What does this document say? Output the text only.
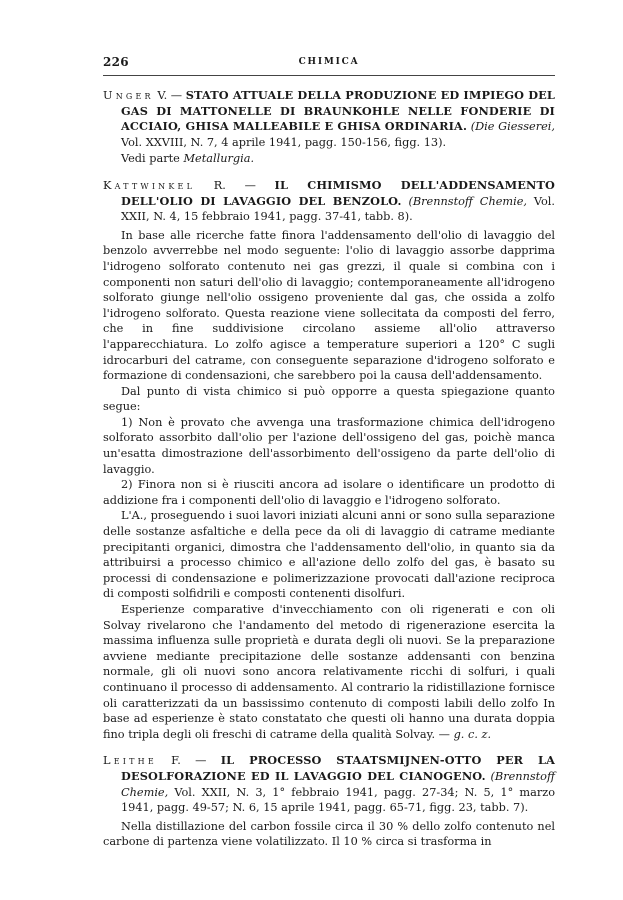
226	CHIMICA

Unger V. — STATO ATTUALE DELLA PRODUZIONE ED IMPIEGO DEL GAS DI MATTONELLE DI BRAUNKOHLE NELLE FONDERIE DI ACCIAIO, GHISA MALLEABILE E GHISA ORDINARIA. (Die Giesserei, Vol. XXVIII, N. 7, 4 aprile 1941, pagg. 150-156, figg. 13).

Vedi parte Metallurgia.

Kattwinkel R. — IL CHIMISMO DELL'ADDENSAMENTO DELL'OLIO DI LAVAGGIO DEL BENZOLO. (Brennstoff Chemie, Vol. XXII, N. 4, 15 febbraio 1941, pagg. 37-41, tabb. 8).

In base alle ricerche fatte finora l'addensamento dell'olio di lavaggio del benzolo avverrebbe nel modo seguente: l'olio di lavaggio assorbe dapprima l'idrogeno solforato contenuto nei gas grezzi, il quale si combina con i componenti non saturi dell'olio di lavaggio; contemporaneamente all'idrogeno solforato giunge nell'olio ossigeno proveniente dal gas, che ossida a zolfo l'idrogeno solforato. Questa reazione viene sollecitata da composti del ferro, che in fine suddivisione circolano assieme all'olio attraverso l'apparecchiatura. Lo zolfo agisce a temperature superiori a 120° C sugli idrocarburi del catrame, con conseguente separazione d'idrogeno solforato e formazione di condensazioni, che sarebbero poi la causa dell'addensamento.

Dal punto di vista chimico si può opporre a questa spiegazione quanto segue:

1) Non è provato che avvenga una trasformazione chimica dell'idrogeno solforato assorbito dall'olio per l'azione dell'ossigeno del gas, poichè manca un'esatta dimostrazione dell'assorbimento dell'ossigeno da parte dell'olio di lavaggio.

2) Finora non si è riusciti ancora ad isolare o identificare un prodotto di addizione fra i componenti dell'olio di lavaggio e l'idrogeno solforato.

L'A., proseguendo i suoi lavori iniziati alcuni anni or sono sulla separazione delle sostanze asfaltiche e della pece da oli di lavaggio di catrame mediante precipitanti organici, dimostra che l'addensamento dell'olio, in quanto sia da attribuirsi a processo chimico e all'azione dello zolfo del gas, è basato su processi di condensazione e polimerizzazione provocati dall'azione reciproca di composti solfidrili e composti contenenti disolfuri.

Esperienze comparative d'invecchiamento con oli rigenerati e con oli Solvay rivelarono che l'andamento del metodo di rigenerazione esercita la massima influenza sulle proprietà e durata degli oli nuovi. Se la preparazione avviene mediante precipitazione delle sostanze addensanti con benzina normale, gli oli nuovi sono ancora relativamente ricchi di solfuri, i quali continuano il processo di addensamento. Al contrario la ridistillazione fornisce oli caratterizzati da un bassissimo contenuto di composti labili dello zolfo In base ad esperienze è stato constatato che questi oli hanno una durata doppia fino tripla degli oli freschi di catrame della qualità Solvay. — g. c. z.

Leithe F. — IL PROCESSO STAATSMIJNEN-OTTO PER LA DESOLFORAZIONE ED IL LAVAGGIO DEL CIANOGENO. (Brennstoff Chemie, Vol. XXII, N. 3, 1° febbraio 1941, pagg. 27-34; N. 5, 1° marzo 1941, pagg. 49-57; N. 6, 15 aprile 1941, pagg. 65-71, figg. 23, tabb. 7).

Nella distillazione del carbon fossile circa il 30 % dello zolfo contenuto nel carbone di partenza viene volatilizzato. Il 10 % circa si trasforma in
